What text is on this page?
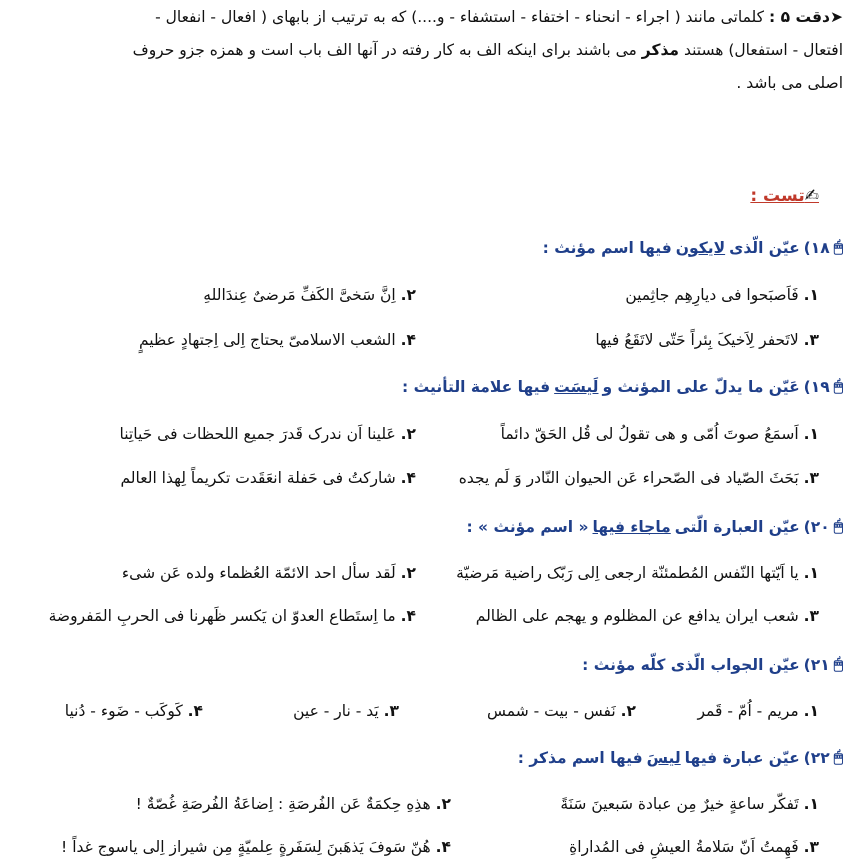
➤دقت ۵ : کلماتی مانند ( اجراء - انحناء - اختفاء - استشفاء - و....) که به ترتیب از بابهای ( افعال - انفعال -
افتعال - استفعال) هستند مذکر می باشند برای اینکه الف به کار رفته در آنها الف باب است و همزه جزو حروف
اصلی می باشد .
✍تست :
🖱
۱۸)
عیّن الّذی
لایکون
فیها اسم مؤنث :
۱. فَاَصبَحوا فی دیارِهِم جاثِمین
۲. اِنَّ سَخیَّ الکَفِّ مَرضیٌ عِندَاللهِ
۳. لاتَحفر لِاَخیکَ بِئراً حَتّی لاتَقَعُ فیها
۴. الشعب الاسلامیّ یحتاج اِلی اِجتهادٍ عظیمٍ
🖱
۱۹)
عَیّن ما یدلّ علی المؤنث و
لَیسَت
فیها علامة التأنیث :
۱. اَسمَعُ صوتَ اُمّی و هی تقولُ لی قُل الحَقّ دائماً
۲. عَلینا اَن ندرک قَدرَ جمیع اللحظات فی حَیاتِنا
۳. بَحَثَ الصّیاد فی الصّحراء عَن الحیوان النّادر وَ لَم یجده
۴. شارکتُ فی حَفلة انعَقَدت تکریماً لِهذا العالم
🖱
۲۰)
عیّن العبارة الّتی
ماجاء فیها
« اسم مؤنث » :
۱. یا اَیّتها النّفس المُطمئنّة ارجعی اِلی رَبّک راضیة مَرضیّة
۲. لَقد سأل احد الائمّة العُظماء ولده عَن شیء
۳. شعب ایران یدافع عن المظلوم و یهجم علی الظالم
۴. ما اِستَطاع العدوّ ان یَکسر ظَهرنا فی الحربِ المَفروضة
🖱
۲۱)
عیّن الجواب الّذی کلّه مؤنث :
۱. مریم - اُمّ - قَمر
۲. نَفس - بیت - شمس
۳. یَد - نار - عین
۴. کَوکَب - ضَوء - دُنیا
🖱
۲۲)
عیّن عبارة فیها
لیسَ
فیها اسم مذکر :
۱. تَفکّر ساعةٍ خیرٌ مِن عبادة سَبعینَ سَنَةً
۲. هذِهِ حِکمَةٌ عَن الفُرصَةِ : اِضاعَةُ الفُرصَةِ غُصّةٌ !
۳. فَهِمتُ اَنّ سَلامةُ العیشِ فی المُداراةِ
۴. هُنّ سَوفَ یَذهَبنَ لِسَفَرةٍ عِلمیّةٍ مِن شیراز اِلی یاسوج غداً !
